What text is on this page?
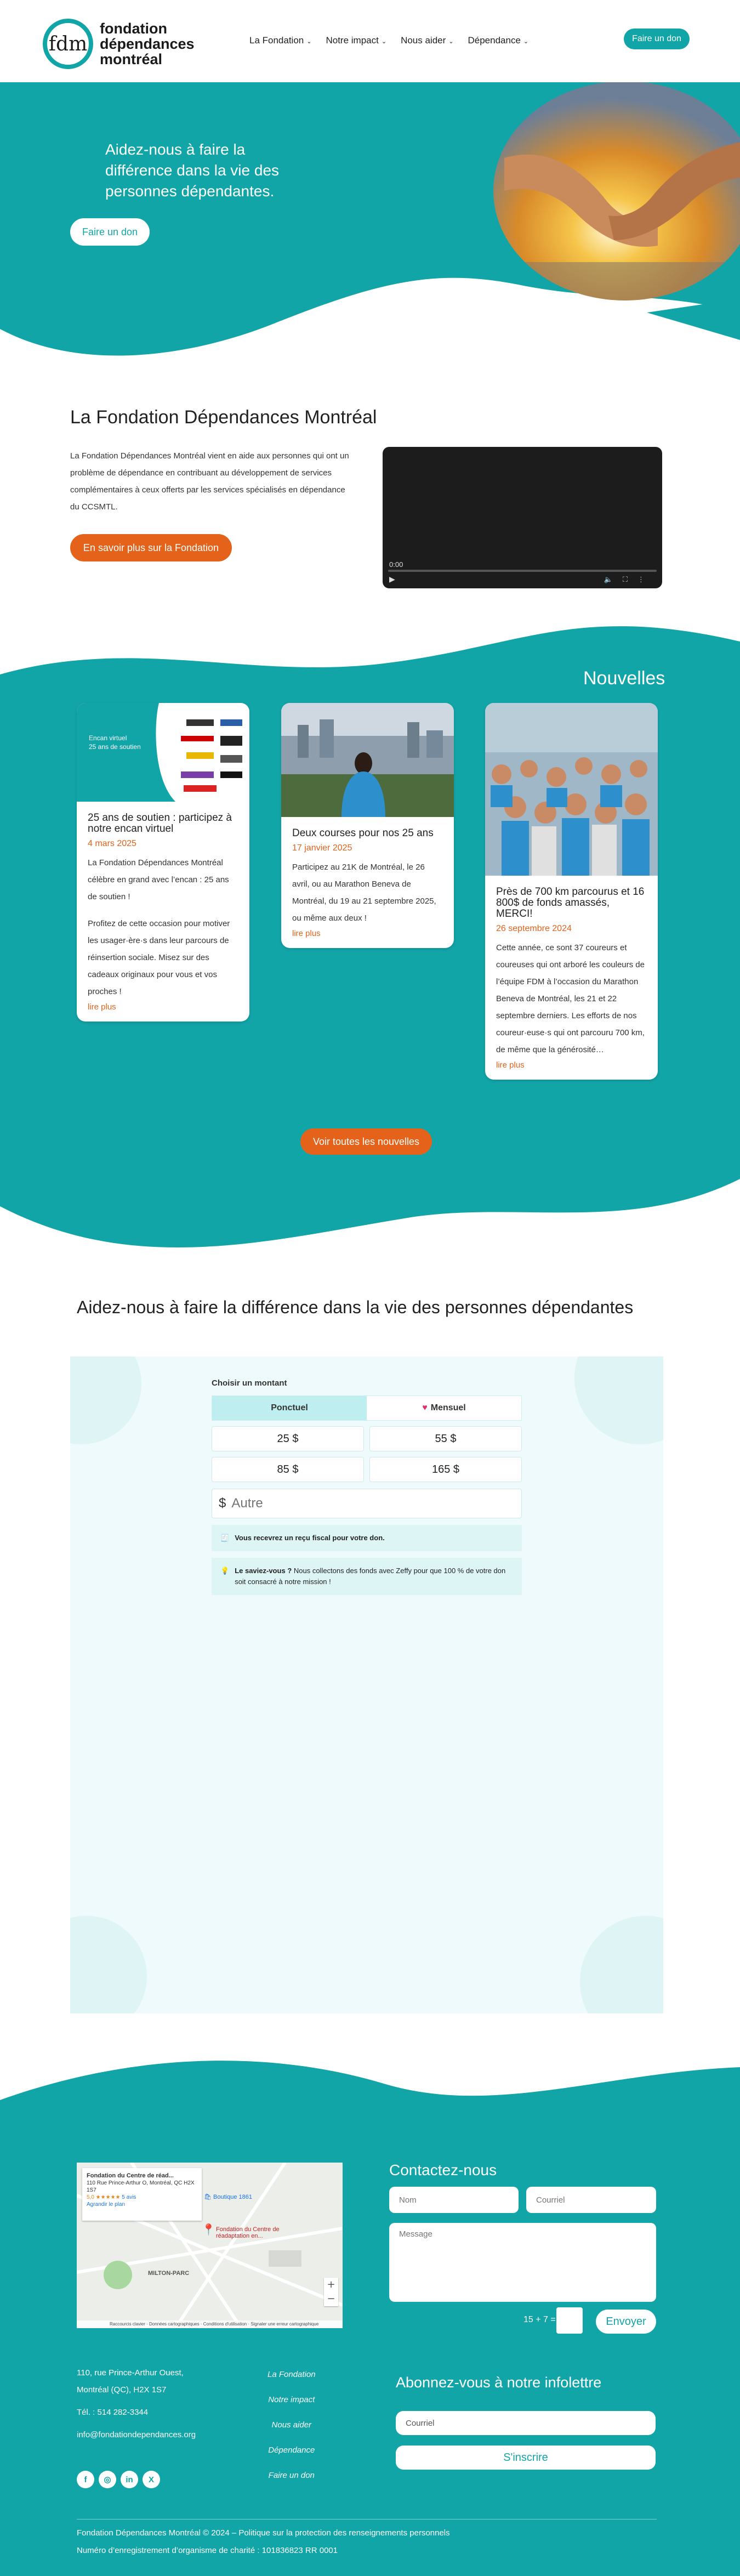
fdm
fondation
dépendances
montréal
La Fondation ⌄ Notre impact ⌄ Nous aider ⌄ Dépendance ⌄	Faire un don
Aidez-nous à faire la différence dans la vie des personnes dépendantes.
Faire un don
La Fondation Dépendances Montréal
La Fondation Dépendances Montréal vient en aide aux personnes qui ont un problème de dépendance en contribuant au développement de services complémentaires à ceux offerts par les services spécialisés en dépendance du CCSMTL.
En savoir plus sur la Fondation
0:00
▶	🔈⛶⋮
Nouvelles
Encan virtuel 25 ans de soutien
25 ans de soutien : participez à notre encan virtuel
4 mars 2025
La Fondation Dépendances Montréal célèbre en grand avec l’encan : 25 ans de soutien !
Profitez de cette occasion pour motiver les usager·ère·s dans leur parcours de réinsertion sociale. Misez sur des cadeaux originaux pour vous et vos proches !
lire plus
Deux courses pour nos 25 ans
17 janvier 2025
Participez au 21K de Montréal, le 26 avril, ou au Marathon Beneva de Montréal, du 19 au 21 septembre 2025, ou même aux deux !
lire plus
Près de 700 km parcourus et 16 800$ de fonds amassés, MERCI!
26 septembre 2024
Cette année, ce sont 37 coureurs et coureuses qui ont arboré les couleurs de l’équipe FDM à l’occasion du Marathon Beneva de Montréal, les 21 et 22 septembre derniers. Les efforts de nos coureur·euse·s qui ont parcouru 700 km, de même que la générosité…
lire plus
Voir toutes les nouvelles
Aidez-nous à faire la différence dans la vie des personnes dépendantes
Choisir un montant
Ponctuel	♥ Mensuel
25 $	55 $
85 $	165 $
$
Autre
🧾 Vous recevrez un reçu fiscal pour votre don.
💡 Le saviez-vous ? Nous collectons des fonds avec Zeffy pour que 100 % de votre don soit consacré à notre mission !
Fondation du Centre de réad...
110 Rue Prince-Arthur O, Montréal, QC H2X 1S7
5,0 ★★★★★ 5 avis
Agrandir le plan
🛍 Boutique 1861
📍 Fondation du Centre de réadaptation en...
MILTON-PARC
+
−
Raccourcis clavier · Données cartographiques · Conditions d'utilisation · Signaler une erreur cartographique
Contactez-nous
Nom
Courriel
Message
15 + 7 =	Envoyer
110, rue Prince-Arthur Ouest,
Montréal (QC), H2X 1S7
Tél. : 514 282-3344
info@fondationdependances.org
La Fondation
Notre impact
Nous aider
Dépendance
Faire un don
f	◎	in	X
Abonnez-vous à notre infolettre
Courriel
S'inscrire
Fondation Dépendances Montréal © 2024 – Politique sur la protection des renseignements personnels
Numéro d’enregistrement d’organisme de charité : 101836823 RR 0001
